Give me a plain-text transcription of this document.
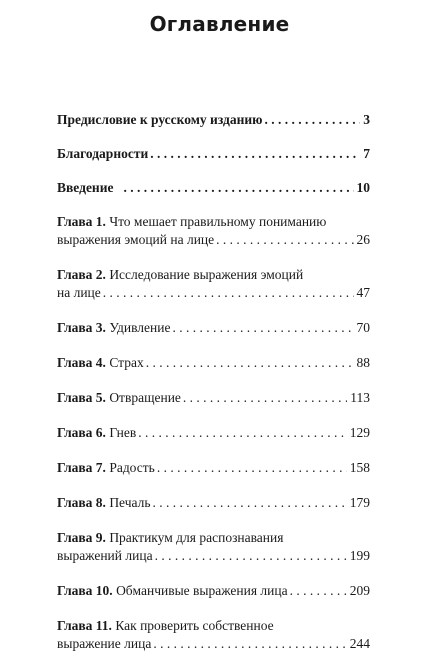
Оглавление
Предисловие к русскому изданию . . .	3
Благодарности . . .	7
Введение . . .	10
Глава 1. Что мешает правильному пониманию
выражения эмоций на лице . . .	26
Глава 2. Исследование выражения эмоций
на лице . . .	47
Глава 3. Удивление . . .	70
Глава 4. Страх . . .	88
Глава 5. Отвращение . . .	113
Глава 6. Гнев . . .	129
Глава 7. Радость . . .	158
Глава 8. Печаль . . .	179
Глава 9. Практикум для распознавания
выражений лица . . .	199
Глава 10. Обманчивые выражения лица . . .	209
Глава 11. Как проверить собственное
выражение лица . . .	244
